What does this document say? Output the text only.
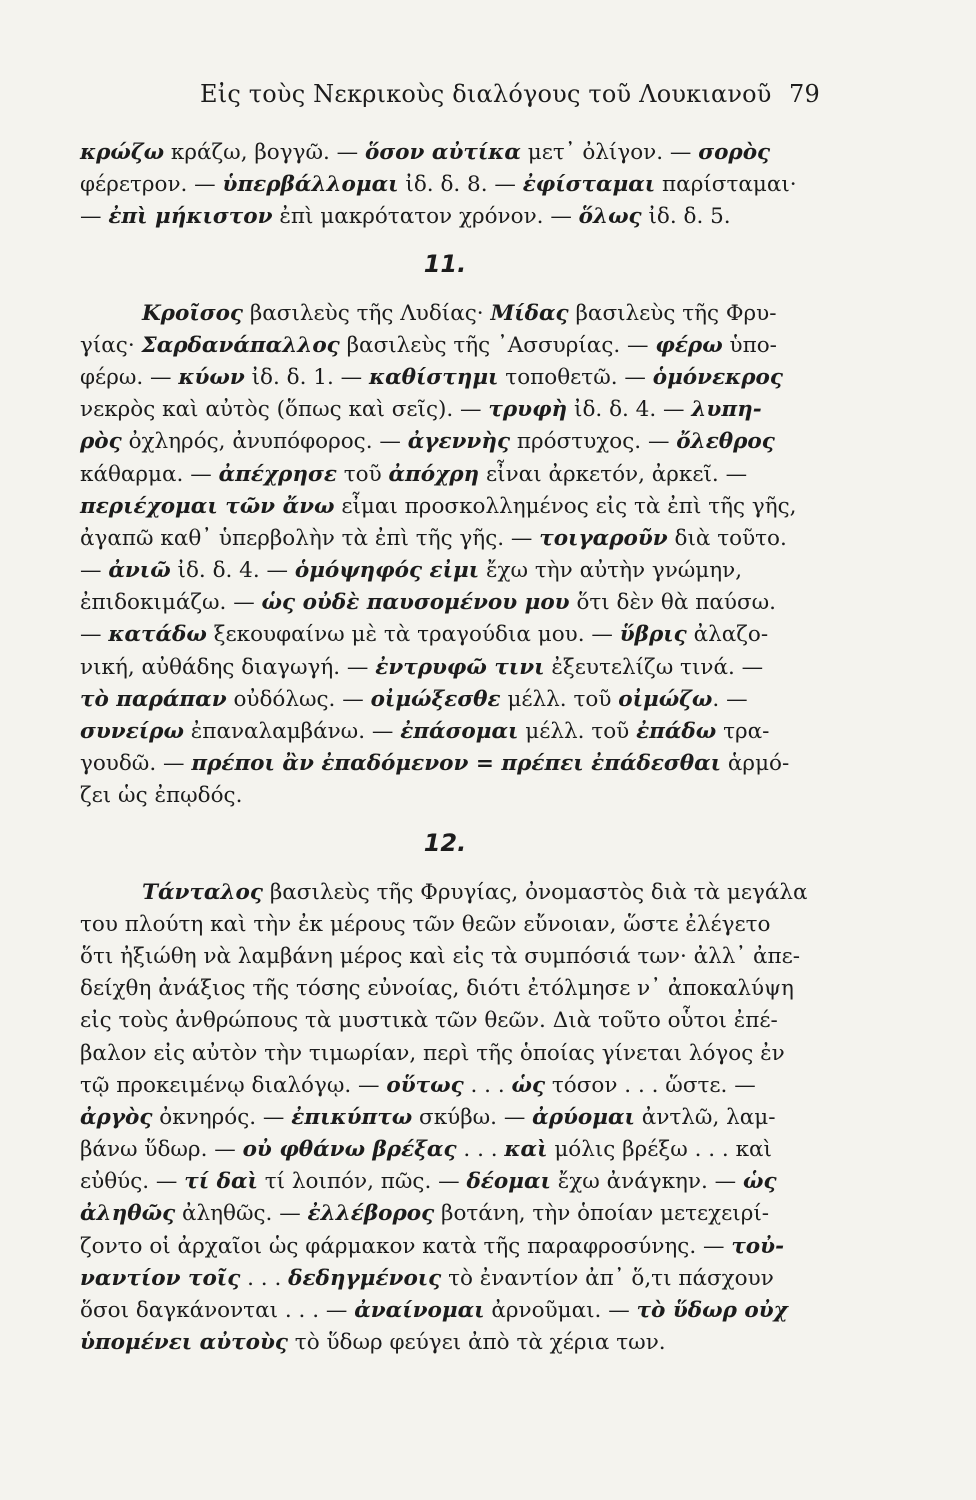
Εἰς τοὺς Νεκρικοὺς διαλόγους τοῦ Λουκιανοῦ 79
κρώζω κράζω, βογγῶ. — ὅσον αὐτίκα μετ᾽ ὀλίγον. — σορὸς
φέρετρον. — ὑπερβάλλομαι ἰδ. δ. 8. — ἐφίσταμαι παρίσταμαι·
— ἐπὶ μήκιστον ἐπὶ μακρότατον χρόνον. — ὅλως ἰδ. δ. 5.
11.
Κροῖσος βασιλεὺς τῆς Λυδίας· Μίδας βασιλεὺς τῆς Φρυ-
γίας· Σαρδανάπαλλος βασιλεὺς τῆς ᾽Ασσυρίας. — φέρω ὑπο-
φέρω. — κύων ἰδ. δ. 1. — καθίστημι τοποθετῶ. — ὁμόνεκρος
νεκρὸς καὶ αὐτὸς (ὅπως καὶ σεῖς). — τρυφὴ ἰδ. δ. 4. — λυπη-
ρὸς ὀχληρός, ἀνυπόφορος. — ἀγεννὴς πρόστυχος. — ὄλεθρος
κάθαρμα. — ἀπέχρησε τοῦ ἀπόχρη εἶναι ἀρκετόν, ἀρκεῖ. —
περιέχομαι τῶν ἄνω εἶμαι προσκολλημένος εἰς τὰ ἐπὶ τῆς γῆς,
ἀγαπῶ καθ᾽ ὑπερβολὴν τὰ ἐπὶ τῆς γῆς. — τοιγαροῦν διὰ τοῦτο.
— ἀνιῶ ἰδ. δ. 4. — ὁμόψηφός εἰμι ἔχω τὴν αὐτὴν γνώμην,
ἐπιδοκιμάζω. — ὡς οὐδὲ παυσομένου μου ὅτι δὲν θὰ παύσω.
— κατάδω ξεκουφαίνω μὲ τὰ τραγούδια μου. — ὕβρις ἀλαζο-
νική, αὐθάδης διαγωγή. — ἐντρυφῶ τινι ἐξευτελίζω τινά. —
τὸ παράπαν οὐδόλως. — οἰμώξεσθε μέλλ. τοῦ οἰμώζω. —
συνείρω ἐπαναλαμβάνω. — ἐπάσομαι μέλλ. τοῦ ἐπάδω τρα-
γουδῶ. — πρέποι ἂν ἐπαδόμενον = πρέπει ἐπάδεσθαι ἁρμό-
ζει ὡς ἐπῳδός.
12.
Τάνταλος βασιλεὺς τῆς Φρυγίας, ὀνομαστὸς διὰ τὰ μεγάλα
του πλούτη καὶ τὴν ἐκ μέρους τῶν θεῶν εὔνοιαν, ὥστε ἐλέγετο
ὅτι ἠξιώθη νὰ λαμβάνη μέρος καὶ εἰς τὰ συμπόσιά των· ἀλλ᾽ ἀπε-
δείχθη ἀνάξιος τῆς τόσης εὐνοίας, διότι ἐτόλμησε ν᾽ ἀποκαλύψη
εἰς τοὺς ἀνθρώπους τὰ μυστικὰ τῶν θεῶν. Διὰ τοῦτο οὗτοι ἐπέ-
βαλον εἰς αὐτὸν τὴν τιμωρίαν, περὶ τῆς ὁποίας γίνεται λόγος ἐν
τῷ προκειμένῳ διαλόγῳ. — οὕτως . . . ὡς τόσον . . . ὥστε. —
ἀργὸς ὀκνηρός. — ἐπικύπτω σκύβω. — ἀρύομαι ἀντλῶ, λαμ-
βάνω ὕδωρ. — οὐ φθάνω βρέξας . . . καὶ μόλις βρέξω . . . καὶ
εὐθύς. — τί δαὶ τί λοιπόν, πῶς. — δέομαι ἔχω ἀνάγκην. — ὡς
ἀληθῶς ἀληθῶς. — ἐλλέβορος βοτάνη, τὴν ὁποίαν μετεχειρί-
ζοντο οἱ ἀρχαῖοι ὡς φάρμακον κατὰ τῆς παραφροσύνης. — τοὐ-
ναντίον τοῖς . . . δεδηγμένοις τὸ ἐναντίον ἀπ᾽ ὅ,τι πάσχουν
ὅσοι δαγκάνονται . . . — ἀναίνομαι ἀρνοῦμαι. — τὸ ὕδωρ οὐχ
ὑπομένει αὐτοὺς τὸ ὕδωρ φεύγει ἀπὸ τὰ χέρια των.
